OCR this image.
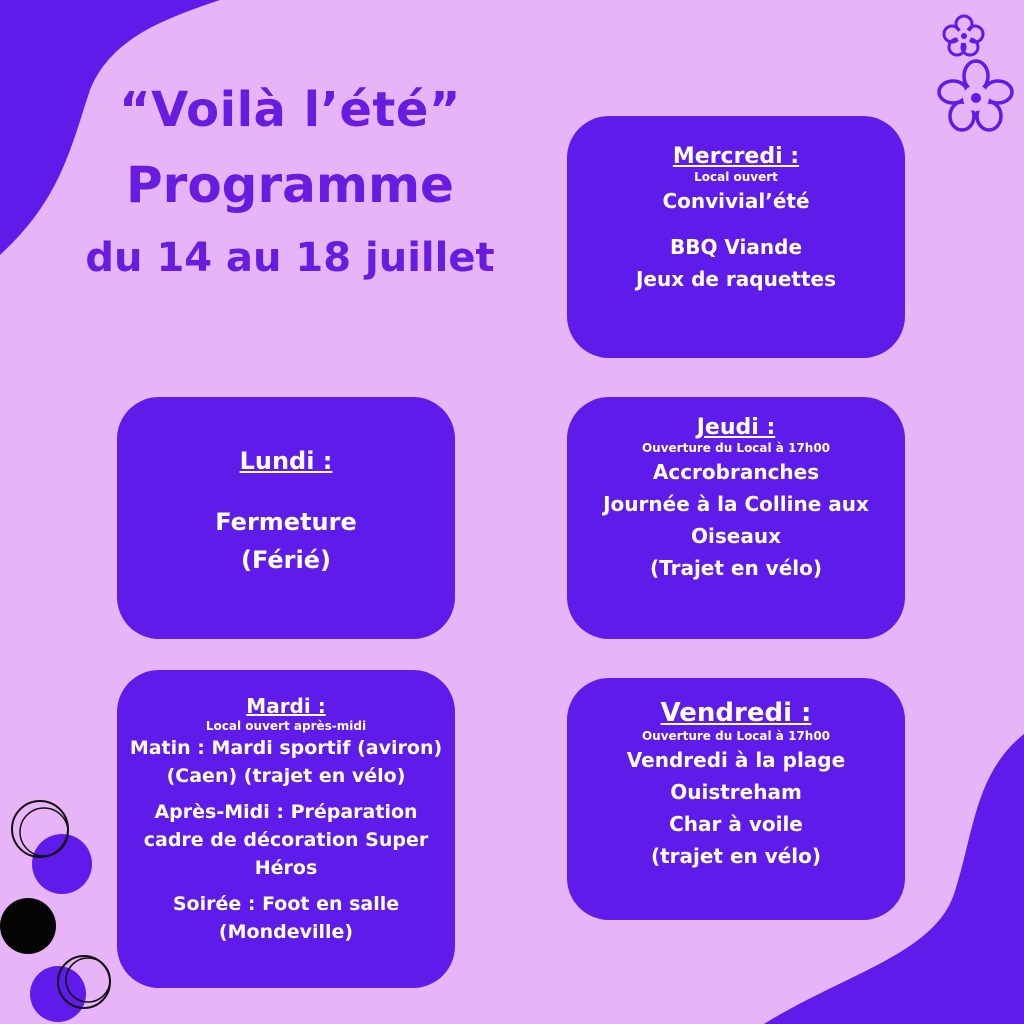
“Voilà l’été”
Programme
du 14 au 18 juillet
Mercredi :
Local ouvert
Convivial’été
BBQ Viande
Jeux de raquettes
Lundi :
Fermeture
(Férié)
Jeudi :
Ouverture du Local à 17h00
Accrobranches
Journée à la Colline aux
Oiseaux
(Trajet en vélo)
Mardi :
Local ouvert après-midi
Matin : Mardi sportif (aviron)
(Caen) (trajet en vélo)
Après-Midi : Préparation
cadre de décoration Super
Héros
Soirée : Foot en salle
(Mondeville)
Vendredi :
Ouverture du Local à 17h00
Vendredi à la plage
Ouistreham
Char à voile
(trajet en vélo)
